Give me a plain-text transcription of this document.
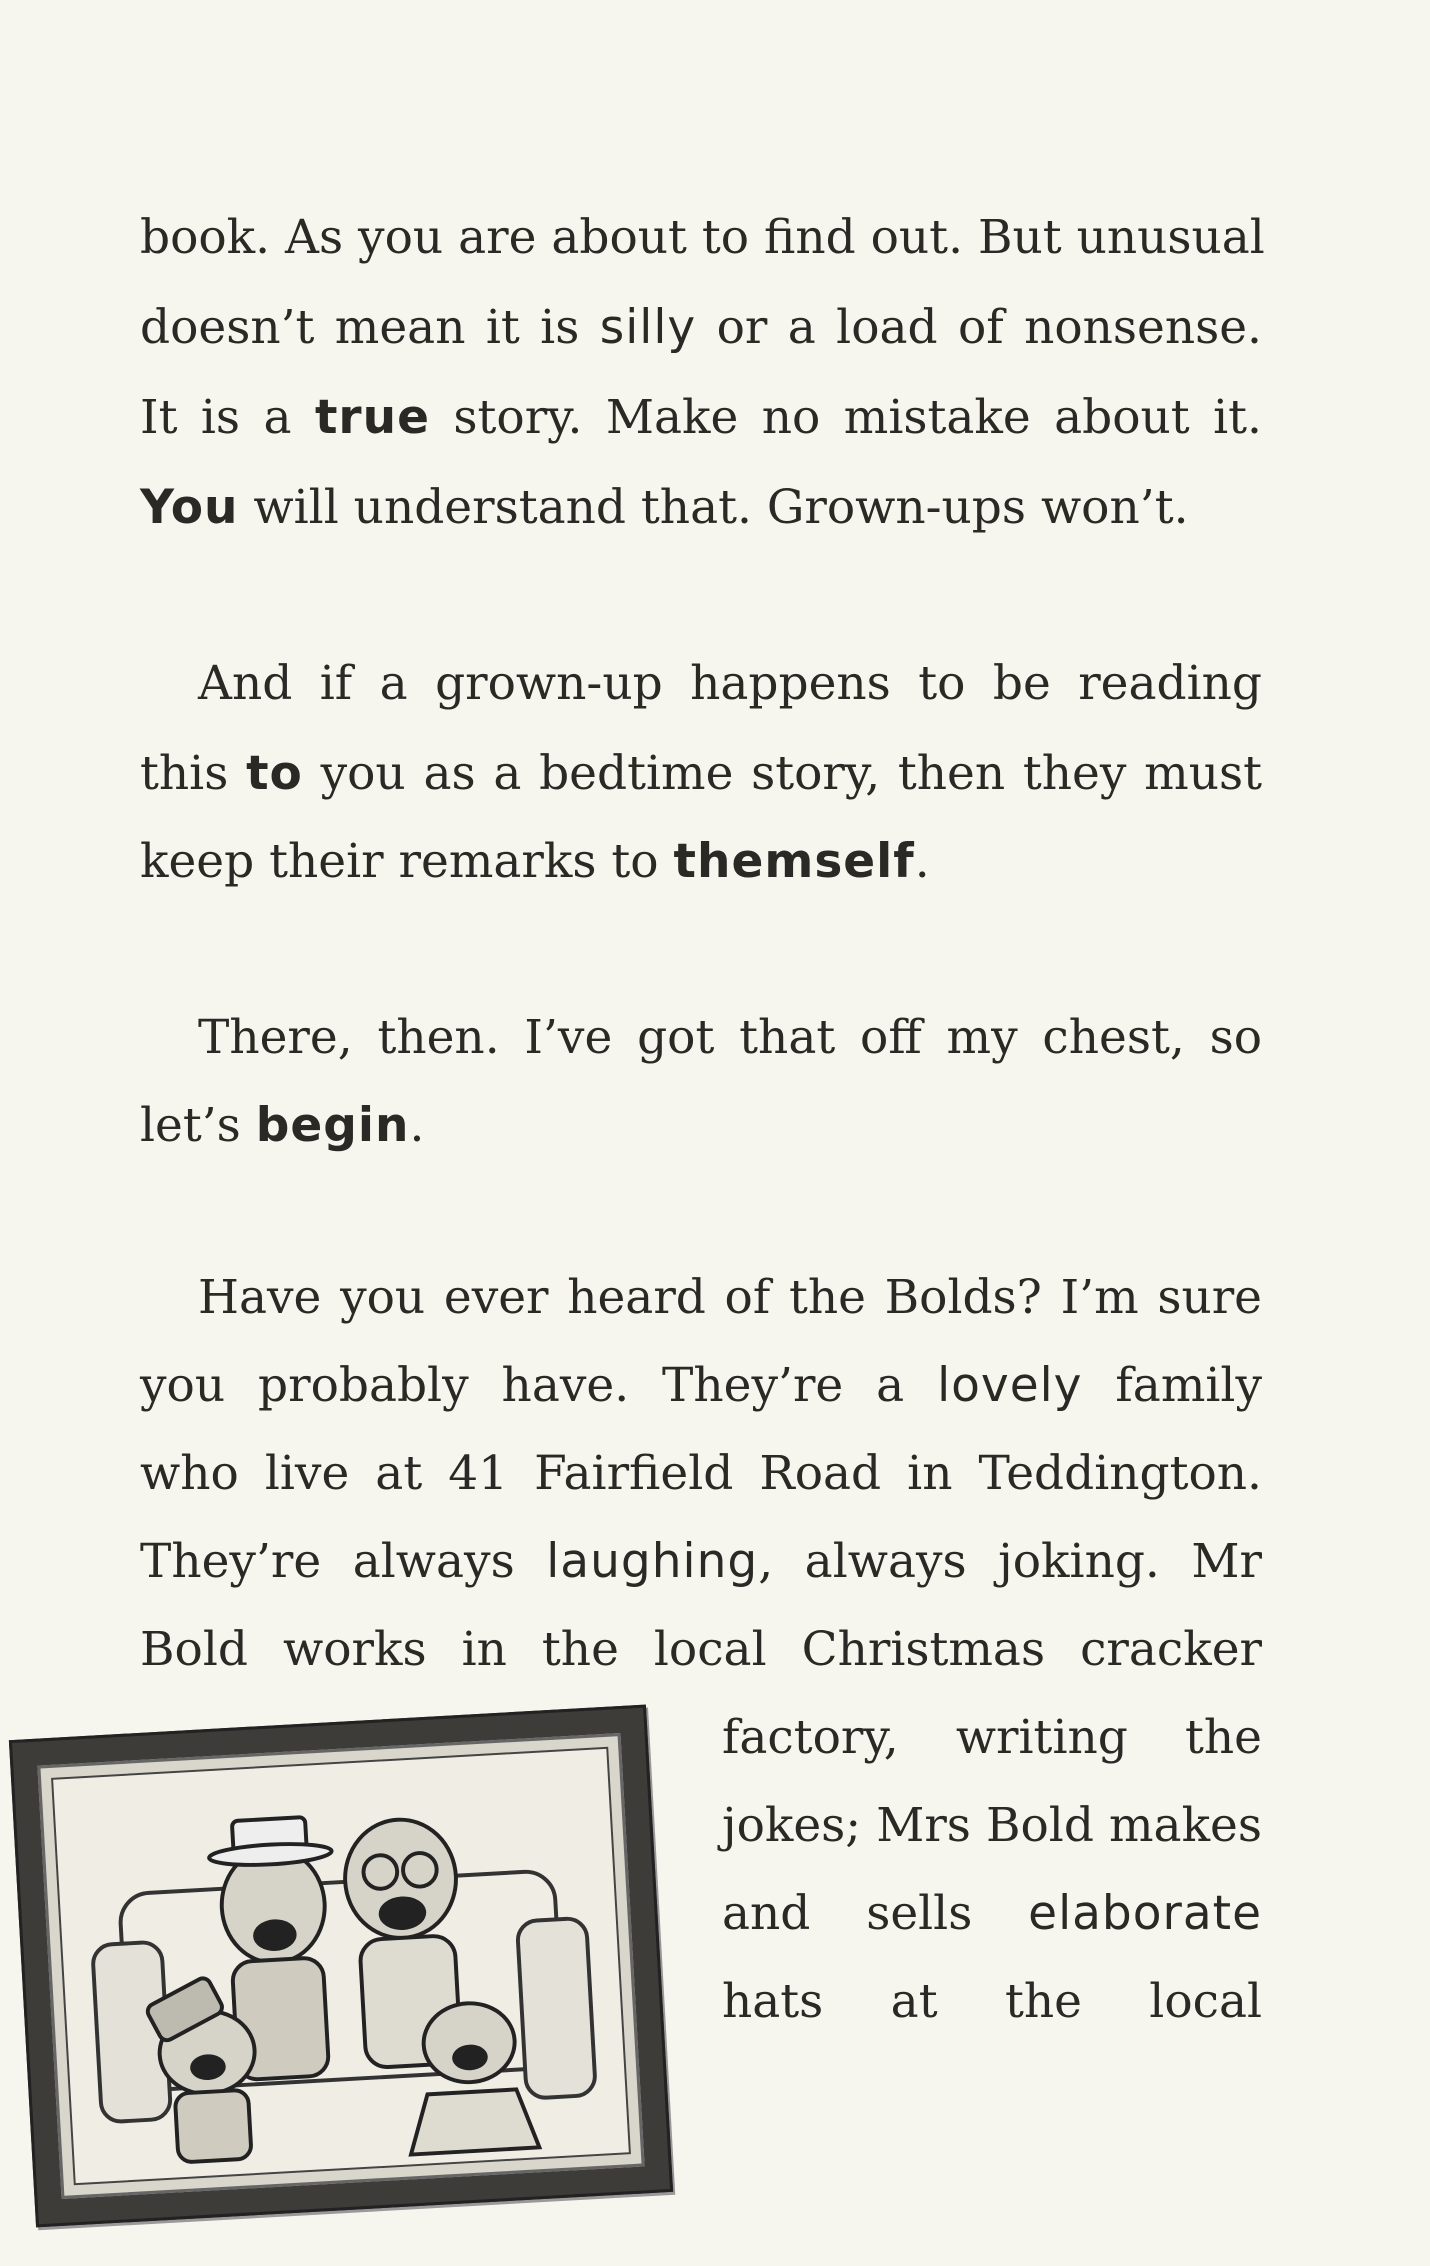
book. As you are about to find out. But unusual
doesn’t mean it is silly or a load of nonsense.
It is a true story. Make no mistake about it.
You will understand that. Grown-ups won’t.
And if a grown-up happens to be reading
this to you as a bedtime story, then they must
keep their remarks to themself.
There, then. I’ve got that off my chest, so
let’s begin.
Have you ever heard of the Bolds? I’m sure
you probably have. They’re a lovely family
who live at 41 Fairfield Road in Teddington.
They’re always laughing, always joking. Mr
Bold works in the local Christmas cracker
factory, writing the
jokes; Mrs Bold makes
and sells elaborate
hats at the local
